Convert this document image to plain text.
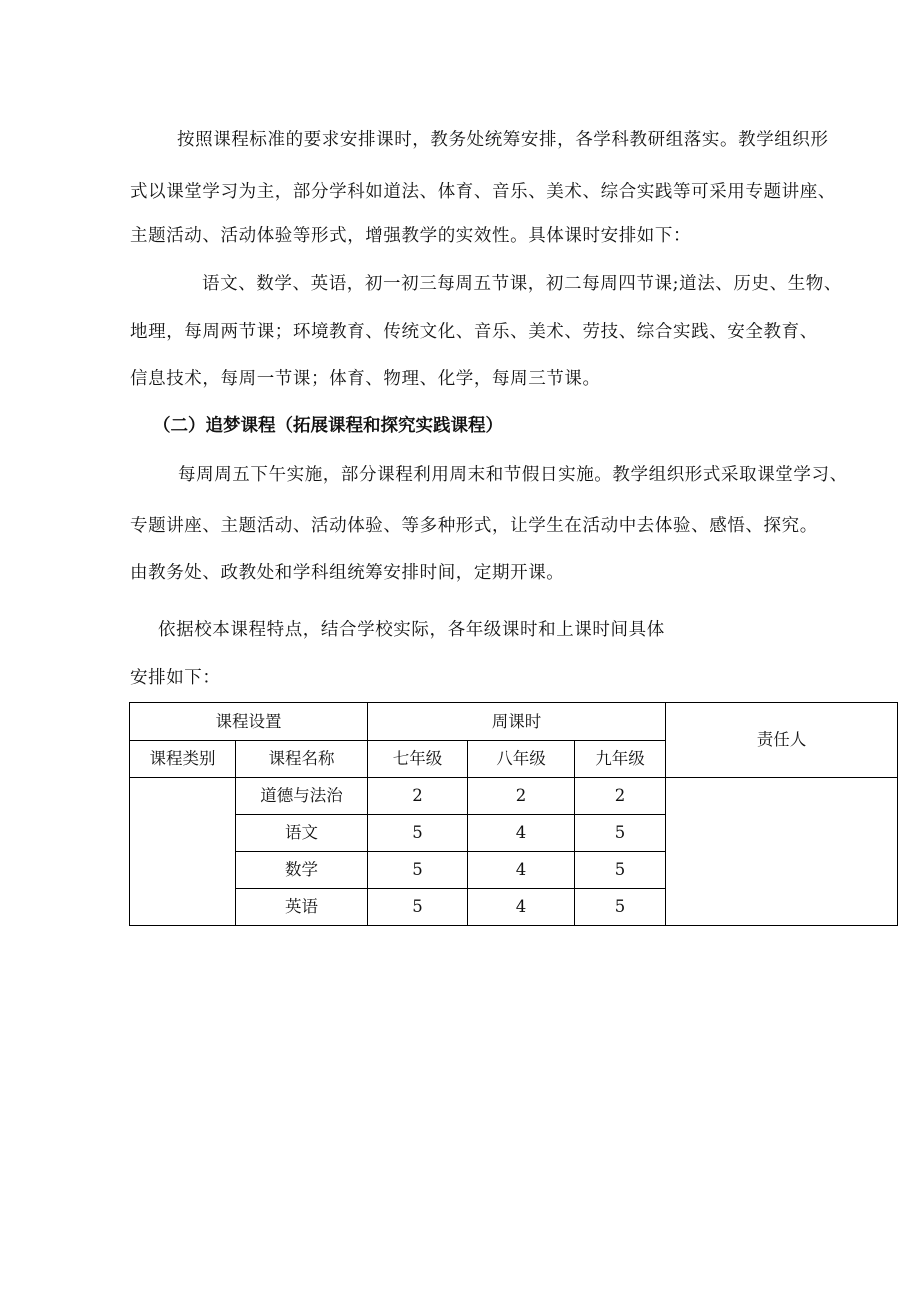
按照课程标准的要求安排课时，教务处统筹安排，各学科教研组落实。教学组织形
式以课堂学习为主，部分学科如道法、体育、音乐、美术、综合实践等可采用专题讲座、
主题活动、活动体验等形式，增强教学的实效性。具体课时安排如下：
语文、数学、英语，初一初三每周五节课，初二每周四节课;道法、历史、生物、
地理，每周两节课；环境教育、传统文化、音乐、美术、劳技、综合实践、安全教育、
信息技术，每周一节课；体育、物理、化学，每周三节课。
（二）追梦课程（拓展课程和探究实践课程）
每周周五下午实施，部分课程利用周末和节假日实施。教学组织形式采取课堂学习、
专题讲座、主题活动、活动体验、等多种形式，让学生在活动中去体验、感悟、探究。
由教务处、政教处和学科组统筹安排时间，定期开课。
依据校本课程特点，结合学校实际，各年级课时和上课时间具体
安排如下：
课程设置		周课时			责任人
课程类别	课程名称	七年级	八年级	九年级	
	道德与法治	2	2	2	
	语文	5	4	5	
	数学	5	4	5	
	英语	5	4	5	
